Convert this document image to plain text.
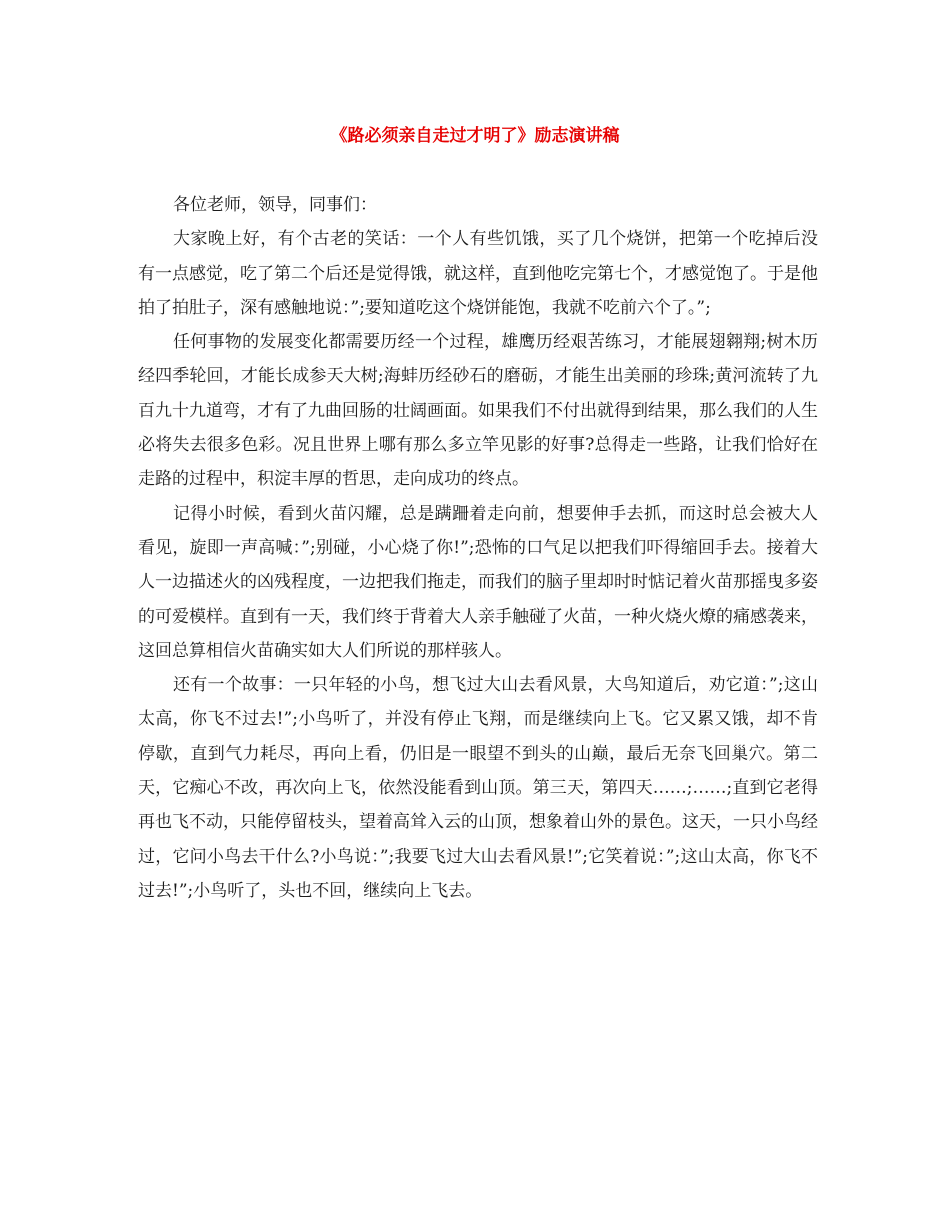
《路必须亲自走过才明了》励志演讲稿

各位老师，领导，同事们：

大家晚上好，有个古老的笑话：一个人有些饥饿，买了几个烧饼，把第一个吃掉后没有一点感觉，吃了第二个后还是觉得饿，就这样，直到他吃完第七个，才感觉饱了。于是他拍了拍肚子，深有感触地说：”;要知道吃这个烧饼能饱，我就不吃前六个了。”;

任何事物的发展变化都需要历经一个过程，雄鹰历经艰苦练习，才能展翅翱翔;树木历经四季轮回，才能长成参天大树;海蚌历经砂石的磨砺，才能生出美丽的珍珠;黄河流转了九百九十九道弯，才有了九曲回肠的壮阔画面。如果我们不付出就得到结果，那么我们的人生必将失去很多色彩。况且世界上哪有那么多立竿见影的好事?总得走一些路，让我们恰好在走路的过程中，积淀丰厚的哲思，走向成功的终点。

记得小时候，看到火苗闪耀，总是蹒跚着走向前，想要伸手去抓，而这时总会被大人看见，旋即一声高喊：”;别碰，小心烧了你!”;恐怖的口气足以把我们吓得缩回手去。接着大人一边描述火的凶残程度，一边把我们拖走，而我们的脑子里却时时惦记着火苗那摇曳多姿的可爱模样。直到有一天，我们终于背着大人亲手触碰了火苗，一种火烧火燎的痛感袭来，这回总算相信火苗确实如大人们所说的那样骇人。

还有一个故事：一只年轻的小鸟，想飞过大山去看风景，大鸟知道后，劝它道：”;这山太高，你飞不过去!”;小鸟听了，并没有停止飞翔，而是继续向上飞。它又累又饿，却不肯停歇，直到气力耗尽，再向上看，仍旧是一眼望不到头的山巅，最后无奈飞回巢穴。第二天，它痴心不改，再次向上飞，依然没能看到山顶。第三天，第四天……;……;直到它老得再也飞不动，只能停留枝头，望着高耸入云的山顶，想象着山外的景色。这天，一只小鸟经过，它问小鸟去干什么?小鸟说：”;我要飞过大山去看风景!”;它笑着说：”;这山太高，你飞不过去!”;小鸟听了，头也不回，继续向上飞去。
